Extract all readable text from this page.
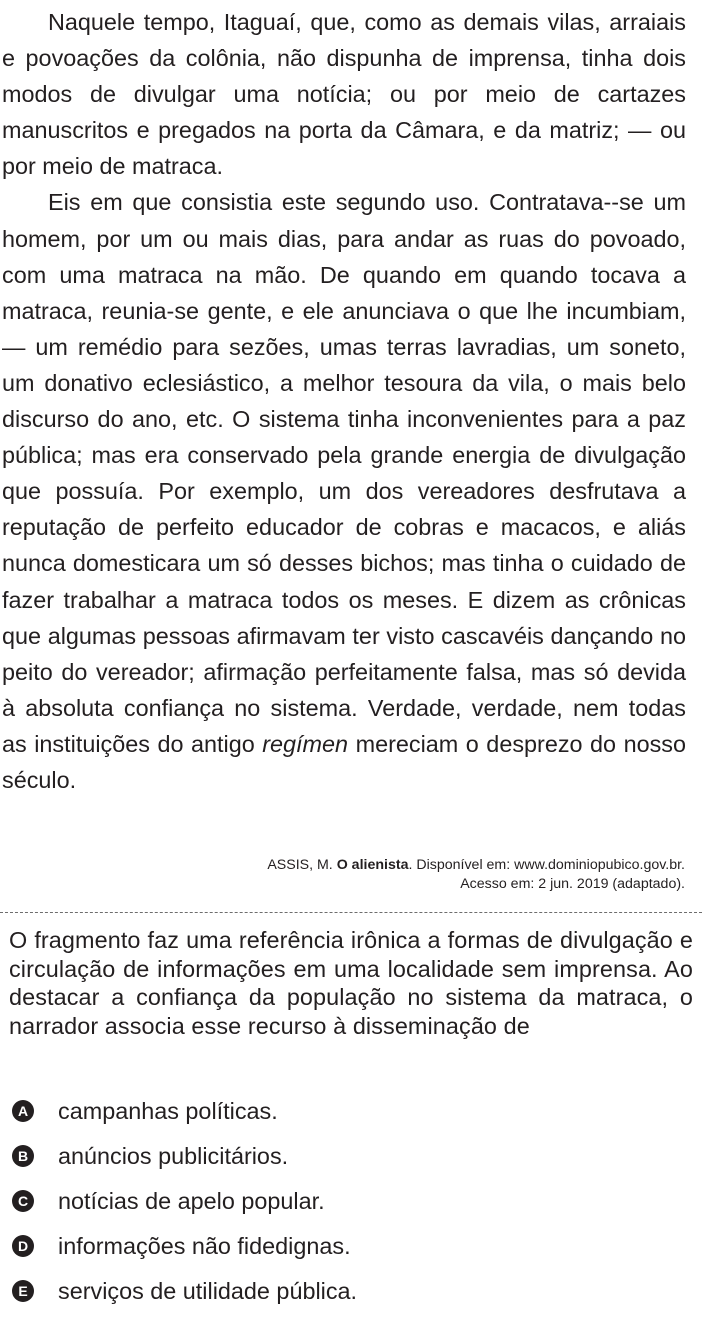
Naquele tempo, Itaguaí, que, como as demais vilas, arraiais e povoações da colônia, não dispunha de imprensa, tinha dois modos de divulgar uma notícia; ou por meio de cartazes manuscritos e pregados na porta da Câmara, e da matriz; — ou por meio de matraca.

Eis em que consistia este segundo uso. Contratava--se um homem, por um ou mais dias, para andar as ruas do povoado, com uma matraca na mão. De quando em quando tocava a matraca, reunia-se gente, e ele anunciava o que lhe incumbiam, — um remédio para sezões, umas terras lavradias, um soneto, um donativo eclesiástico, a melhor tesoura da vila, o mais belo discurso do ano, etc. O sistema tinha inconvenientes para a paz pública; mas era conservado pela grande energia de divulgação que possuía. Por exemplo, um dos vereadores desfrutava a reputação de perfeito educador de cobras e macacos, e aliás nunca domesticara um só desses bichos; mas tinha o cuidado de fazer trabalhar a matraca todos os meses. E dizem as crônicas que algumas pessoas afirmavam ter visto cascavéis dançando no peito do vereador; afirmação perfeitamente falsa, mas só devida à absoluta confiança no sistema. Verdade, verdade, nem todas as instituições do antigo regímen mereciam o desprezo do nosso século.

ASSIS, M. O alienista. Disponível em: www.dominiopubico.gov.br.
Acesso em: 2 jun. 2019 (adaptado).
O fragmento faz uma referência irônica a formas de divulgação e circulação de informações em uma localidade sem imprensa. Ao destacar a confiança da população no sistema da matraca, o narrador associa esse recurso à disseminação de
A campanhas políticas.
B anúncios publicitários.
C notícias de apelo popular.
D informações não fidedignas.
E serviços de utilidade pública.
